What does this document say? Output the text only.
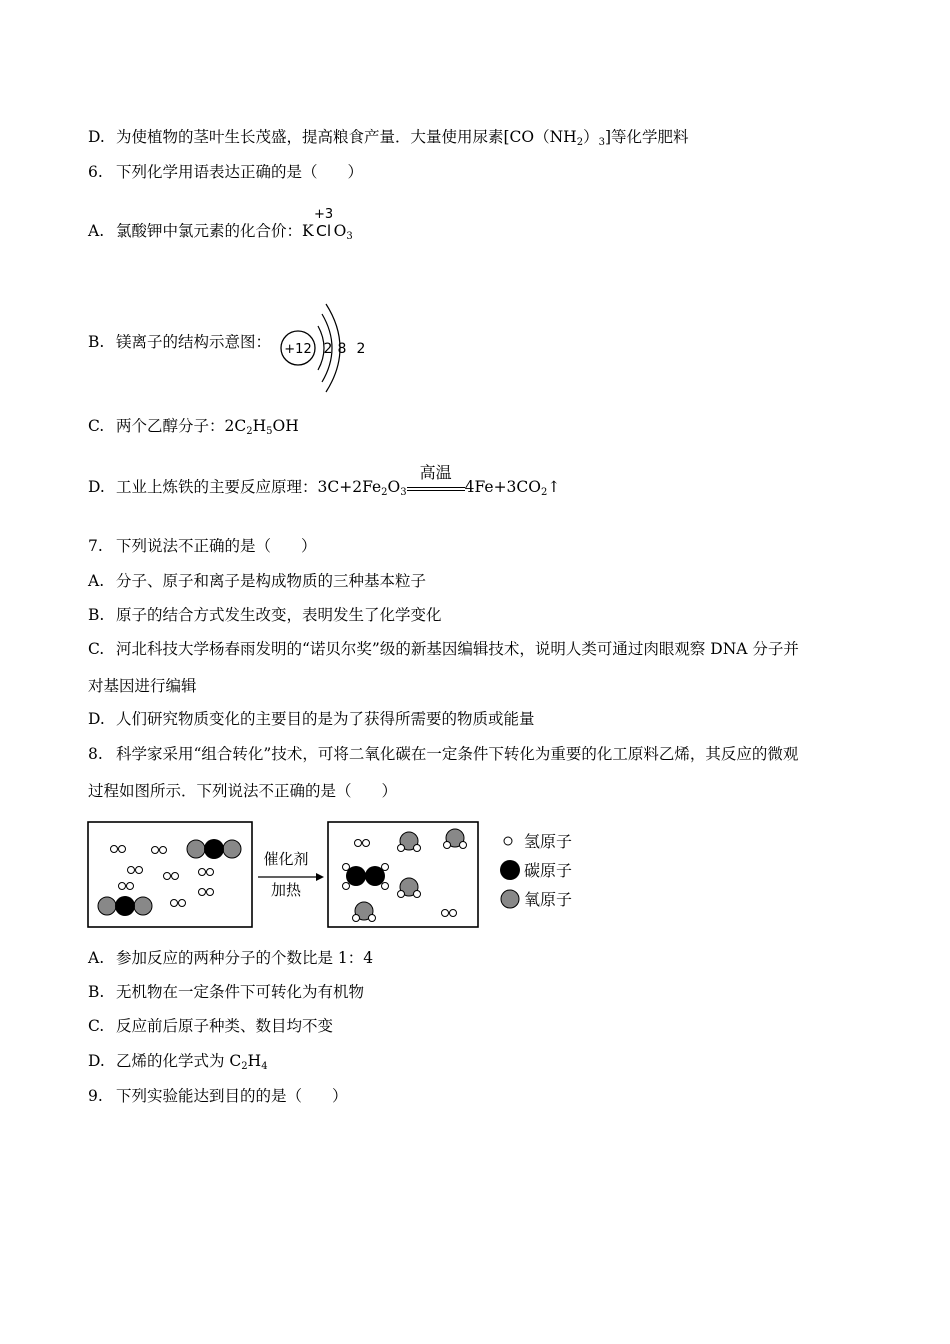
D. 为使植物的茎叶生长茂盛，提高粮食产量．大量使用尿素$[CO(NH_2)_3]$等化学肥料
6. 下列化学用语表达正确的是（ ）
A. 氯酸钾中氯元素的化合价：K
+3
Cl $O_3$
B. 镁离子的结构示意图： +12 2 8 2
C. 两个乙醇分子：$2C_2H_5OH$
D. 工业上炼铁的主要反应原理：$3C+2Fe_2O_3$
高温
$4Fe+3CO_2↑$
7. 下列说法不正确的是（ ）
A. 分子、原子和离子是构成物质的三种基本粒子
B. 原子的结合方式发生改变，表明发生了化学变化
C. 河北科技大学杨春雨发明的“诺贝尔奖”级的新基因编辑技术，说明人类可通过肉眼观察 DNA 分子并
对基因进行编辑
D. 人们研究物质变化的主要目的是为了获得所需要的物质或能量
8. 科学家采用“组合转化”技术，可将二氧化碳在一定条件下转化为重要的化工原料乙烯，其反应的微观
过程如图所示．下列说法不正确的是（ ）
催化剂
加热
氢原子
碳原子
氧原子
A. 参加反应的两种分子的个数比是 1：4
B. 无机物在一定条件下可转化为有机物
C. 反应前后原子种类、数目均不变
D. 乙烯的化学式为 $C_2H_4$
9. 下列实验能达到目的的是（ ）
